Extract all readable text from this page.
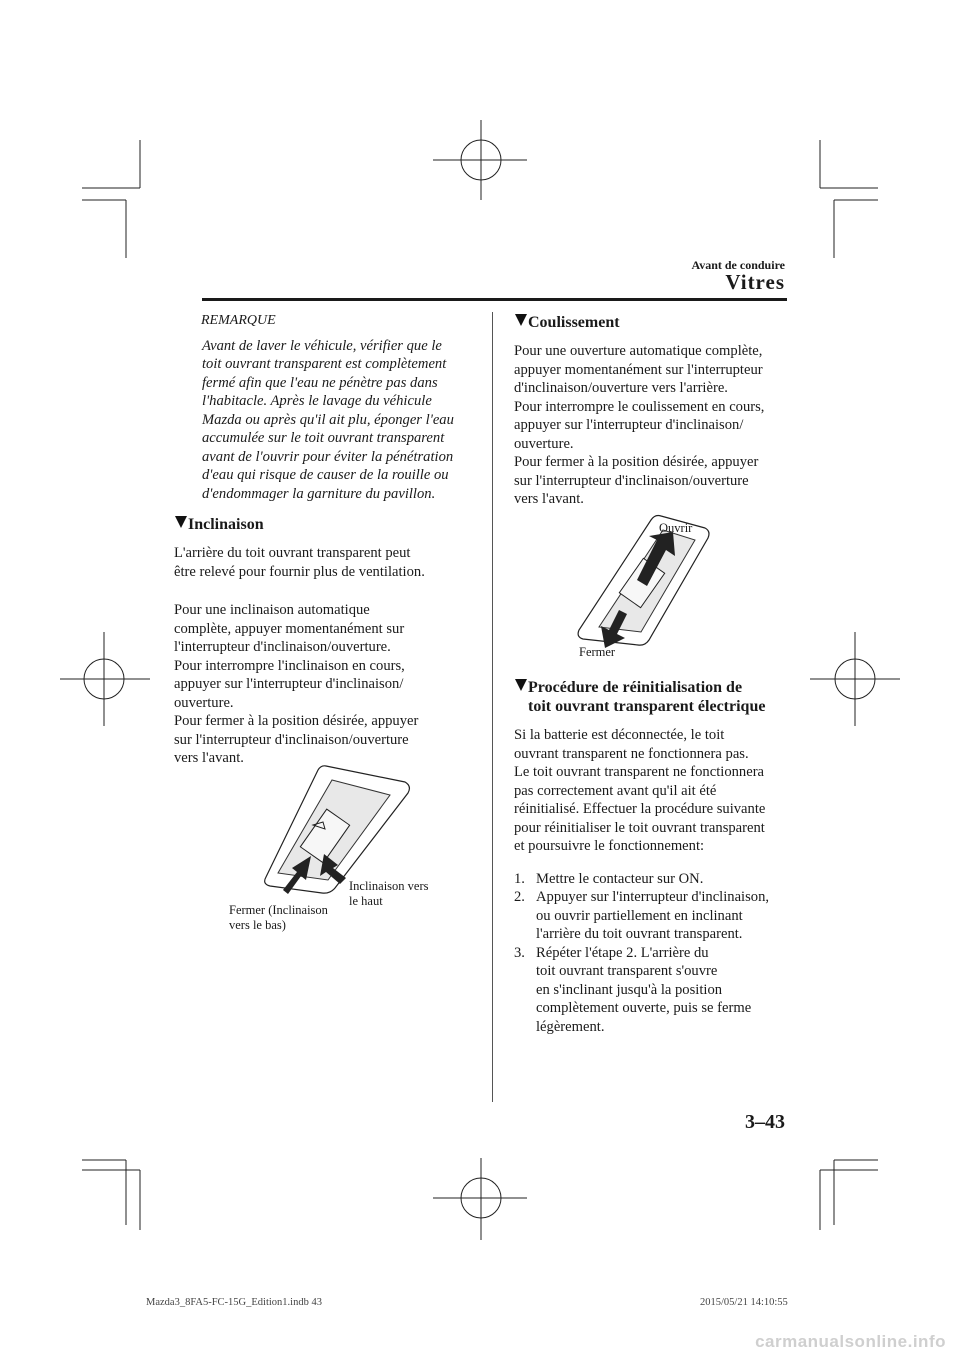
Avant de conduire
Vitres

REMARQUE

Avant de laver le véhicule, vérifier que le
toit ouvrant transparent est complètement
fermé afin que l'eau ne pénètre pas dans
l'habitacle. Après le lavage du véhicule
Mazda ou après qu'il ait plu, éponger l'eau
accumulée sur le toit ouvrant transparent
avant de l'ouvrir pour éviter la pénétration
d'eau qui risque de causer de la rouille ou
d'endommager la garniture du pavillon.

Inclinaison

L'arrière du toit ouvrant transparent peut
être relevé pour fournir plus de ventilation.

Pour une inclinaison automatique
complète, appuyer momentanément sur
l'interrupteur d'inclinaison/ouverture.
Pour interrompre l'inclinaison en cours,
appuyer sur l'interrupteur d'inclinaison/
ouverture.
Pour fermer à la position désirée, appuyer
sur l'interrupteur d'inclinaison/ouverture
vers l'avant.

Fermer (Inclinaison
vers le bas)
Inclinaison vers
le haut
Coulissement

Pour une ouverture automatique complète,
appuyer momentanément sur l'interrupteur
d'inclinaison/ouverture vers l'arrière.
Pour interrompre le coulissement en cours,
appuyer sur l'interrupteur d'inclinaison/
ouverture.
Pour fermer à la position désirée, appuyer
sur l'interrupteur d'inclinaison/ouverture
vers l'avant.

Ouvrir
Fermer
Procédure de réinitialisation de
toit ouvrant transparent électrique

Si la batterie est déconnectée, le toit
ouvrant transparent ne fonctionnera pas.
Le toit ouvrant transparent ne fonctionnera
pas correctement avant qu'il ait été
réinitialisé. Effectuer la procédure suivante
pour réinitialiser le toit ouvrant transparent
et poursuivre le fonctionnement:

1. Mettre le contacteur sur ON.
2. Appuyer sur l'interrupteur d'inclinaison,
ou ouvrir partiellement en inclinant
l'arrière du toit ouvrant transparent.
3. Répéter l'étape 2. L'arrière du
toit ouvrant transparent s'ouvre
en s'inclinant jusqu'à la position
complètement ouverte, puis se ferme
légèrement.
3–43
Mazda3_8FA5-FC-15G_Edition1.indb 43	2015/05/21 14:10:55
carmanualsonline.info
